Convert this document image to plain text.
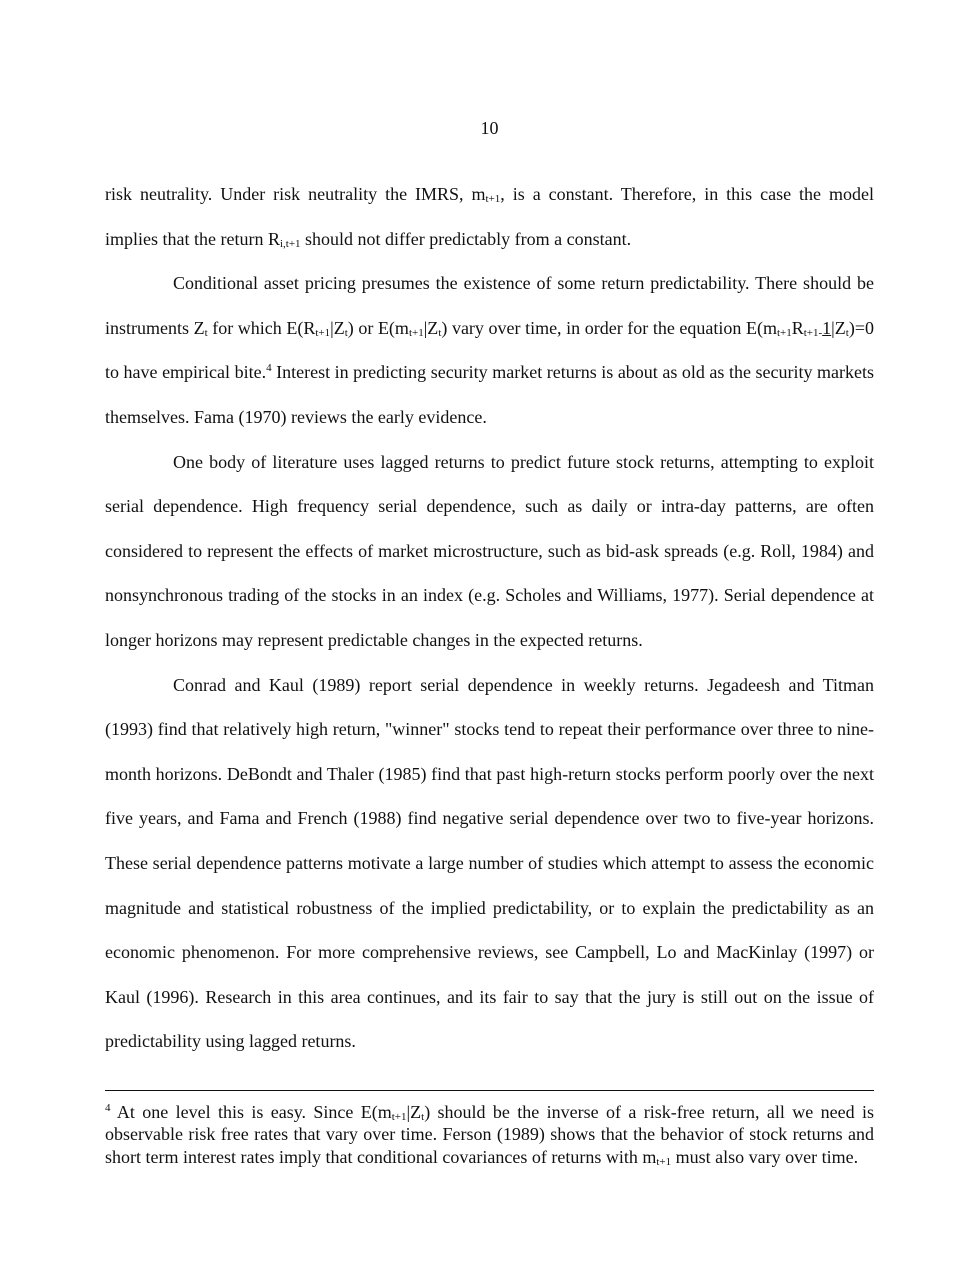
10

risk neutrality. Under risk neutrality the IMRS, $m_{t+1}$, is a constant. Therefore, in this case the model implies that the return $R_{i,t+1}$ should not differ predictably from a constant.

Conditional asset pricing presumes the existence of some return predictability. There should be instruments $Z_t$ for which $E(R_{t+1}|Z_t)$ or $E(m_{t+1}|Z_t)$ vary over time, in order for the equation $E(m_{t+1}R_{t+1-}1|Z_t)=0$ to have empirical bite.$^4$ Interest in predicting security market returns is about as old as the security markets themselves. Fama (1970) reviews the early evidence.

One body of literature uses lagged returns to predict future stock returns, attempting to exploit serial dependence. High frequency serial dependence, such as daily or intra-day patterns, are often considered to represent the effects of market microstructure, such as bid-ask spreads (e.g. Roll, 1984) and nonsynchronous trading of the stocks in an index (e.g. Scholes and Williams, 1977). Serial dependence at longer horizons may represent predictable changes in the expected returns.

Conrad and Kaul (1989) report serial dependence in weekly returns. Jegadeesh and Titman (1993) find that relatively high return, "winner" stocks tend to repeat their performance over three to nine-month horizons. DeBondt and Thaler (1985) find that past high-return stocks perform poorly over the next five years, and Fama and French (1988) find negative serial dependence over two to five-year horizons. These serial dependence patterns motivate a large number of studies which attempt to assess the economic magnitude and statistical robustness of the implied predictability, or to explain the predictability as an economic phenomenon. For more comprehensive reviews, see Campbell, Lo and MacKinlay (1997) or Kaul (1996). Research in this area continues, and its fair to say that the jury is still out on the issue of predictability using lagged returns.

$^4$ At one level this is easy. Since $E(m_{t+1}|Z_t)$ should be the inverse of a risk-free return, all we need is observable risk free rates that vary over time. Ferson (1989) shows that the behavior of stock returns and short term interest rates imply that conditional covariances of returns with $m_{t+1}$ must also vary over time.
